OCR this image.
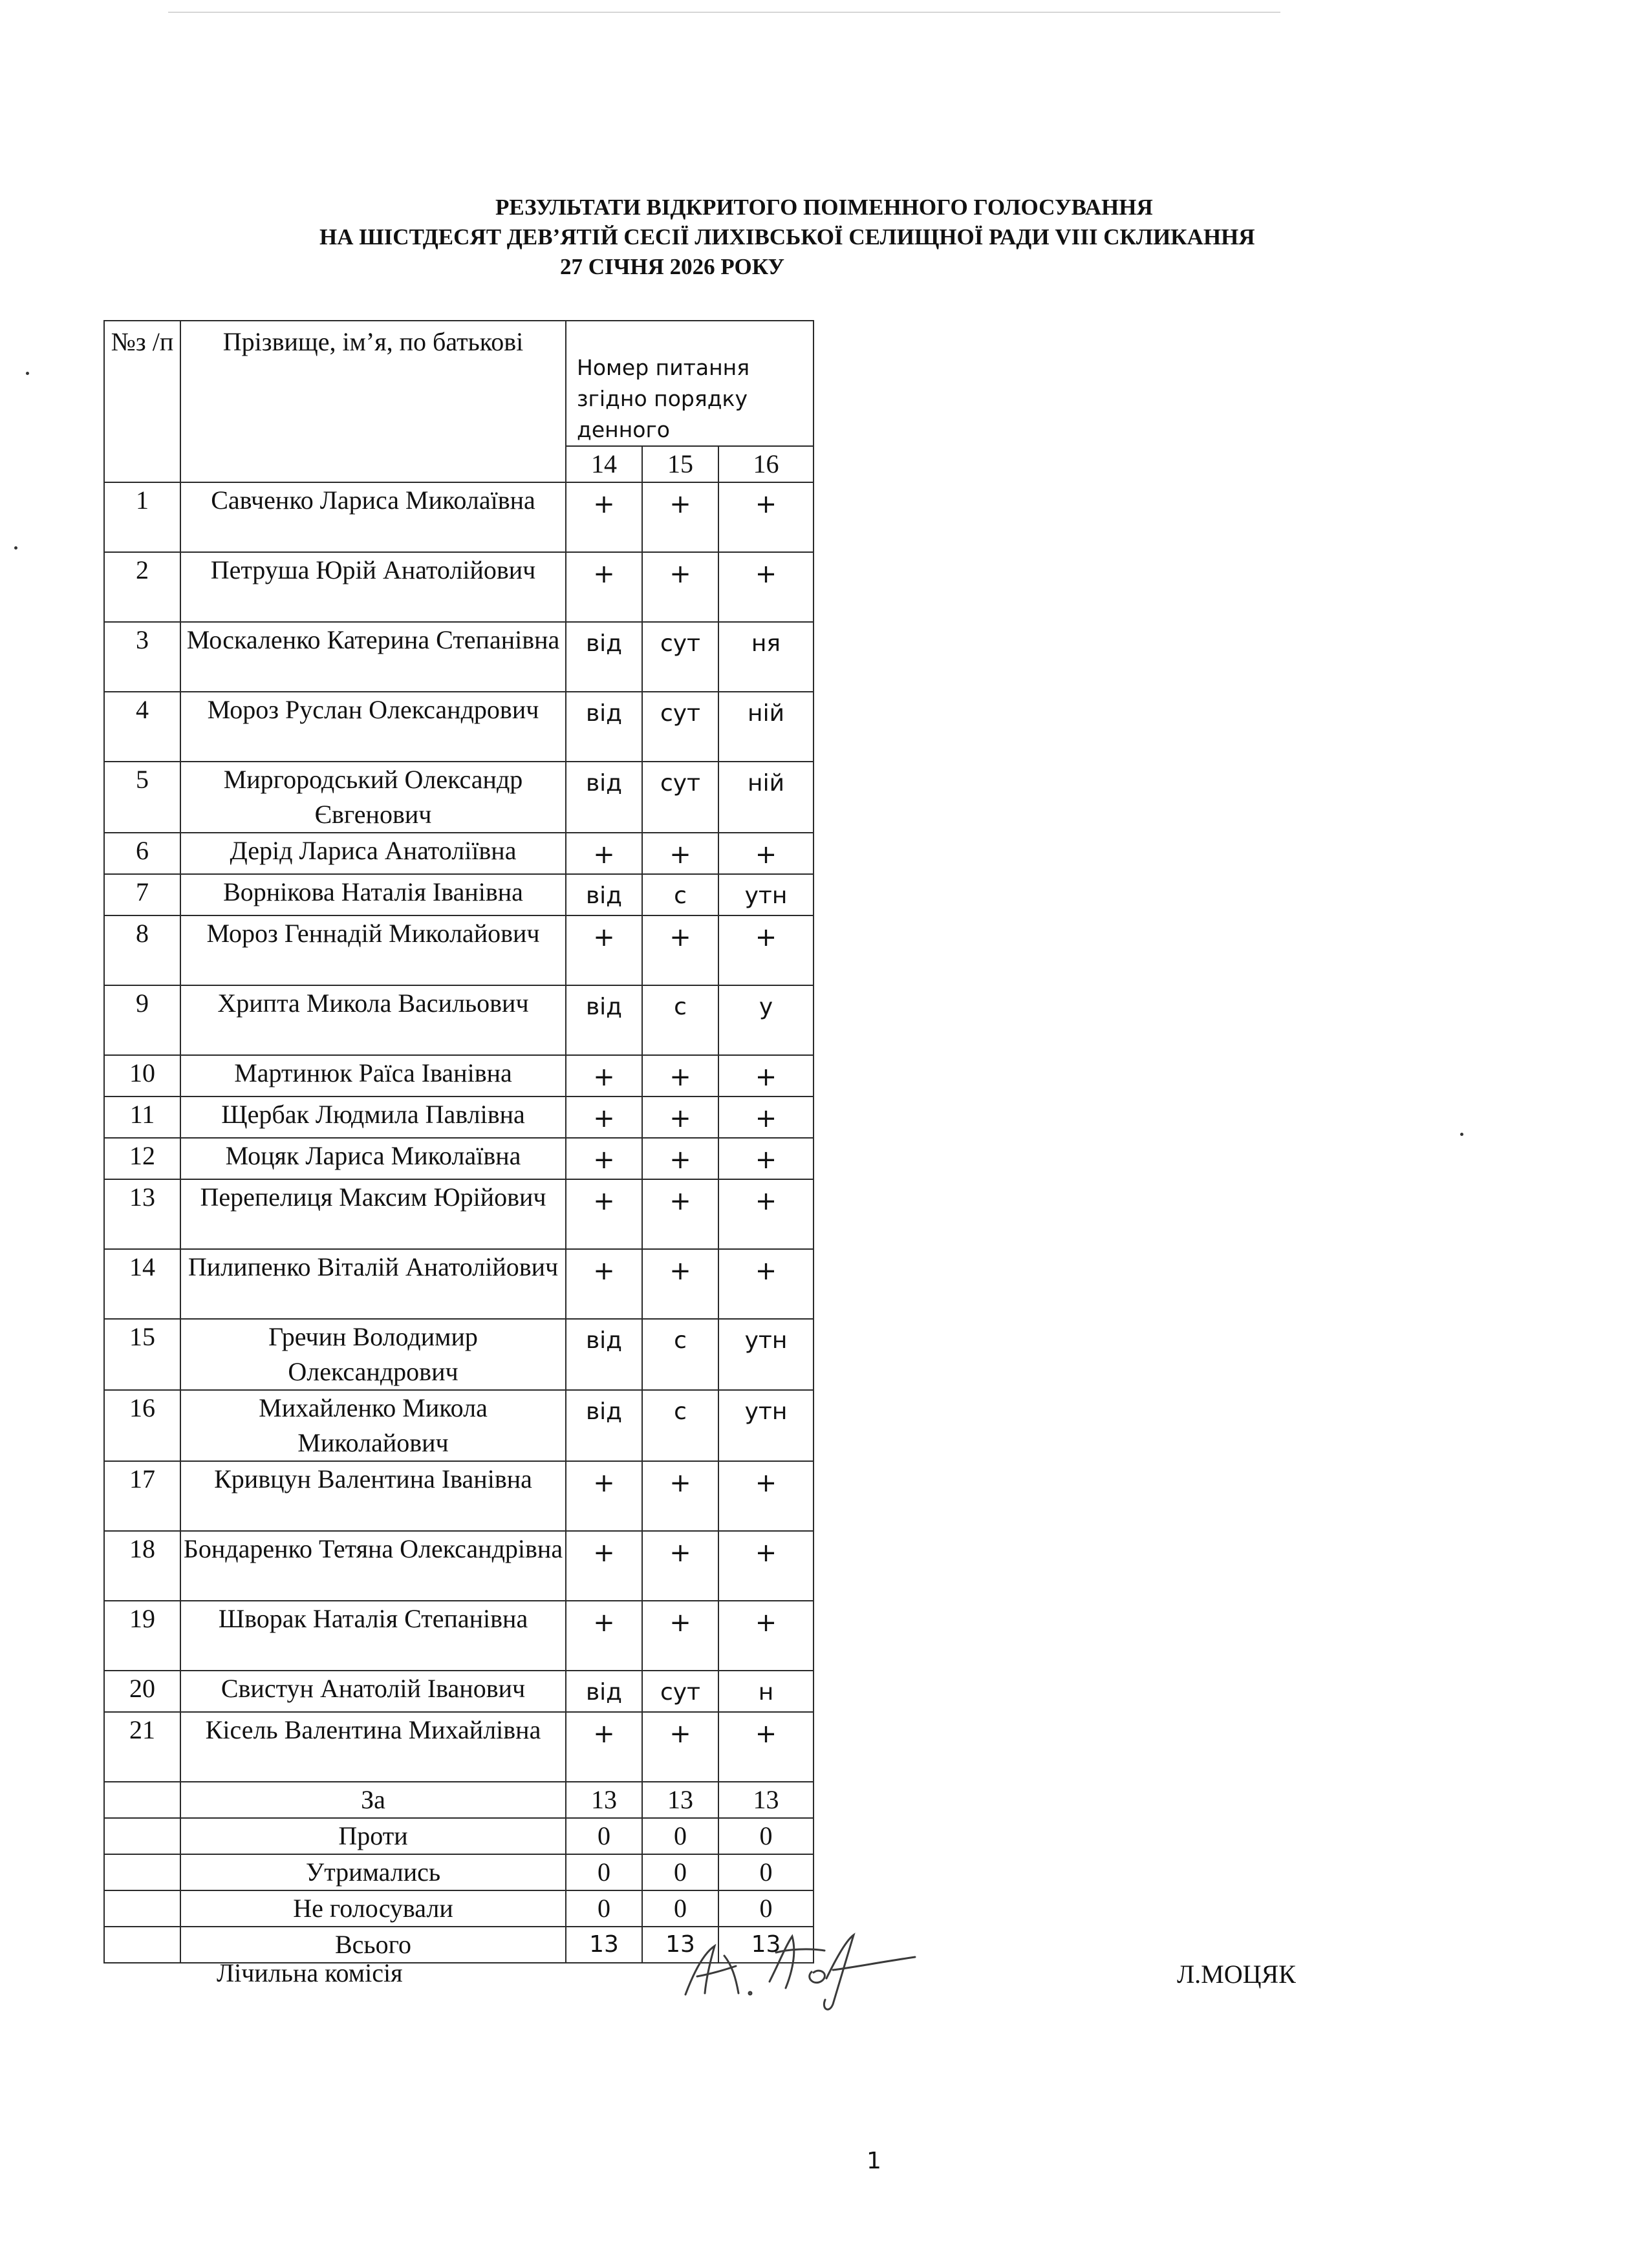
РЕЗУЛЬТАТИ ВІДКРИТОГО ПОІМЕННОГО ГОЛОСУВАННЯ
НА ШІСТДЕСЯТ ДЕВ’ЯТІЙ СЕСІЇ ЛИХІВСЬКОЇ СЕЛИЩНОЇ РАДИ VIII СКЛИКАННЯ
27 СІЧНЯ 2026 РОКУ
№з /п	Прізвище, ім’я, по батькові	Номер питання згідно порядку денного		
		14	15	16
1	Савченко Лариса Миколаївна	+	+	+
2	Петруша Юрій Анатолійович	+	+	+
3	Москаленко Катерина Степанівна	від	сут	ня
4	Мороз Руслан Олександрович	від	сут	ній
5	Миргородський Олександр Євгенович	від	сут	ній
6	Дерід Лариса Анатоліївна	+	+	+
7	Ворнікова Наталія Іванівна	від	с	утн
8	Мороз Геннадій Миколайович	+	+	+
9	Хрипта Микола Васильович	від	с	у
10	Мартинюк Раїса Іванівна	+	+	+
11	Щербак Людмила Павлівна	+	+	+
12	Моцяк Лариса Миколаївна	+	+	+
13	Перепелиця Максим Юрійович	+	+	+
14	Пилипенко Віталій Анатолійович	+	+	+
15	Гречин Володимир Олександрович	від	с	утн
16	Михайленко Микола Миколайович	від	с	утн
17	Кривцун Валентина Іванівна	+	+	+
18	Бондаренко Тетяна Олександрівна	+	+	+
19	Шворак Наталія Степанівна	+	+	+
20	Свистун Анатолій Іванович	від	сут	н
21	Кісель Валентина Михайлівна	+	+	+
	За	13	13	13
	Проти	0	0	0
	Утримались	0	0	0
	Не голосували	0	0	0
	Всього	13	13	13
Лічильна комісія	Л.МОЦЯК
1
